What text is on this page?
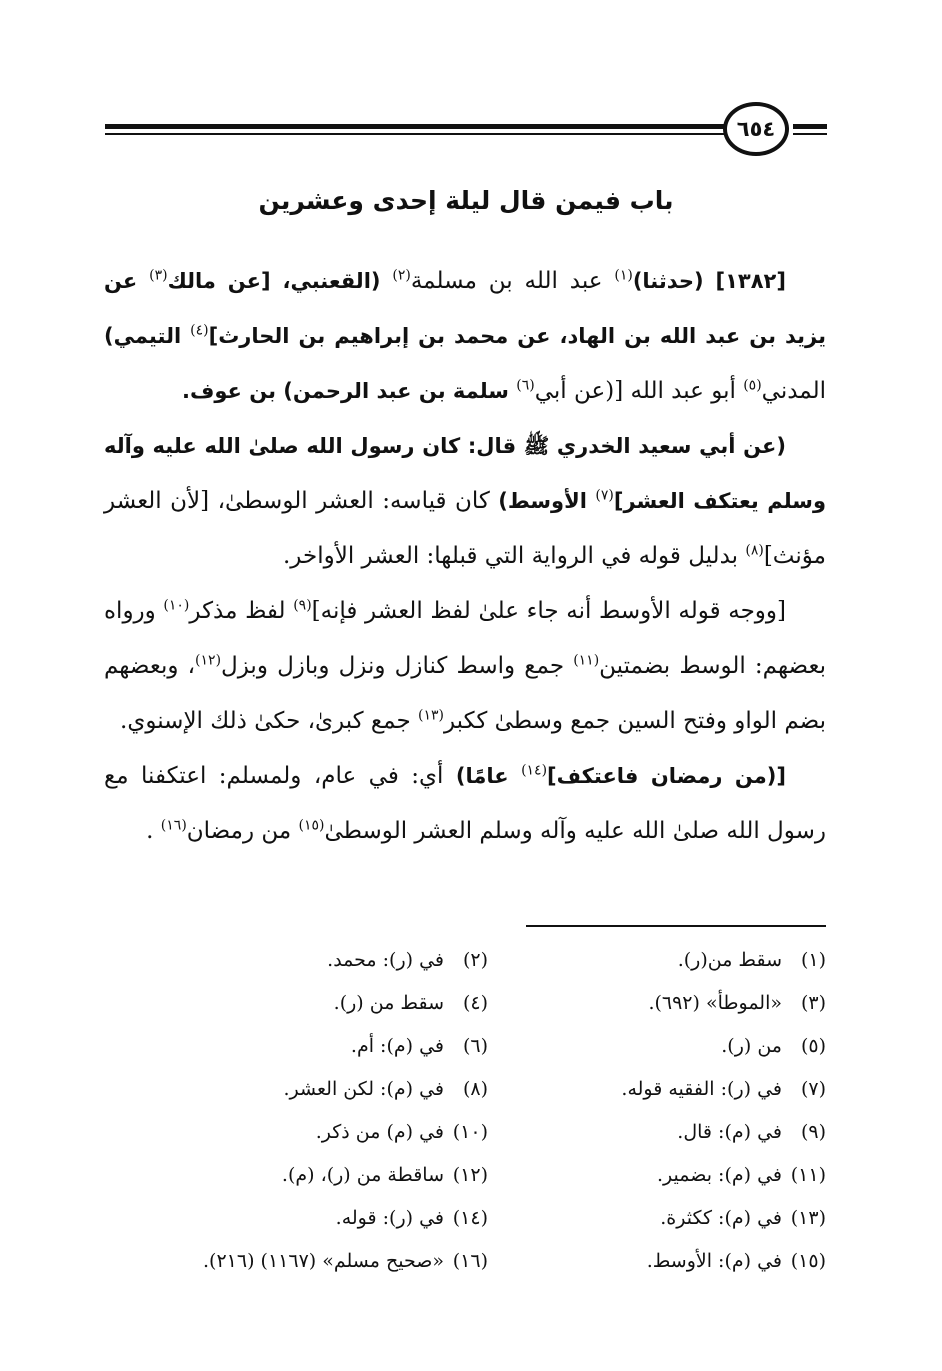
٦٥٤
باب فيمن قال ليلة إحدى وعشرين

[١٣٨٢] (حدثنا)$^{(١)}$ عبد الله بن مسلمة$^{(٢)}$ (القعنبي، [عن مالك$^{(٣)}$ عن يزيد بن عبد الله بن الهاد، عن محمد بن إبراهيم بن الحارث]$^{(٤)}$ التيمي) المدني$^{(٥)}$ أبو عبد الله [(عن أبي$^{(٦)}$ سلمة بن عبد الرحمن) بن عوف.

(عن أبي سعيد الخدري ﷺ قال: كان رسول الله صلىٰ الله عليه وآله وسلم يعتكف العشر]$^{(٧)}$ الأوسط) كان قياسه: العشر الوسطىٰ، [لأن العشر مؤنث]$^{(٨)}$ بدليل قوله في الرواية التي قبلها: العشر الأواخر.

[ووجه قوله الأوسط أنه جاء علىٰ لفظ العشر فإنه]$^{(٩)}$ لفظ مذكر$^{(١٠)}$ ورواه بعضهم: الوسط بضمتين$^{(١١)}$ جمع واسط كنازل ونزل وبازل وبزل$^{(١٢)}$، وبعضهم بضم الواو وفتح السين جمع وسطىٰ ككبر$^{(١٣)}$ جمع كبرىٰ، حكىٰ ذلك الإسنوي.

[(من رمضان فاعتكف]$^{(١٤)}$ عامًا) أي: في عام، ولمسلم: اعتكفنا مع رسول الله صلىٰ الله عليه وآله وسلم العشر الوسطىٰ$^{(١٥)}$ من رمضان$^{(١٦)}$ .

(١)سقط من(ر).
(٢)في (ر): محمد.
(٣)«الموطأ» (٦٩٢).
(٤)سقط من (ر).
(٥)من (ر).
(٦)في (م): أم.
(٧)في (ر): الفقيه قوله.
(٨)في (م): لكن العشر.
(٩)في (م): قال.
(١٠)في (م) من ذكر.
(١١)في (م): بضمير.
(١٢)ساقطة من (ر)، (م).
(١٣)في (م): ككثرة.
(١٤)في (ر): قوله.
(١٥)في (م): الأوسط.
(١٦)«صحيح مسلم» (١١٦٧) (٢١٦).
